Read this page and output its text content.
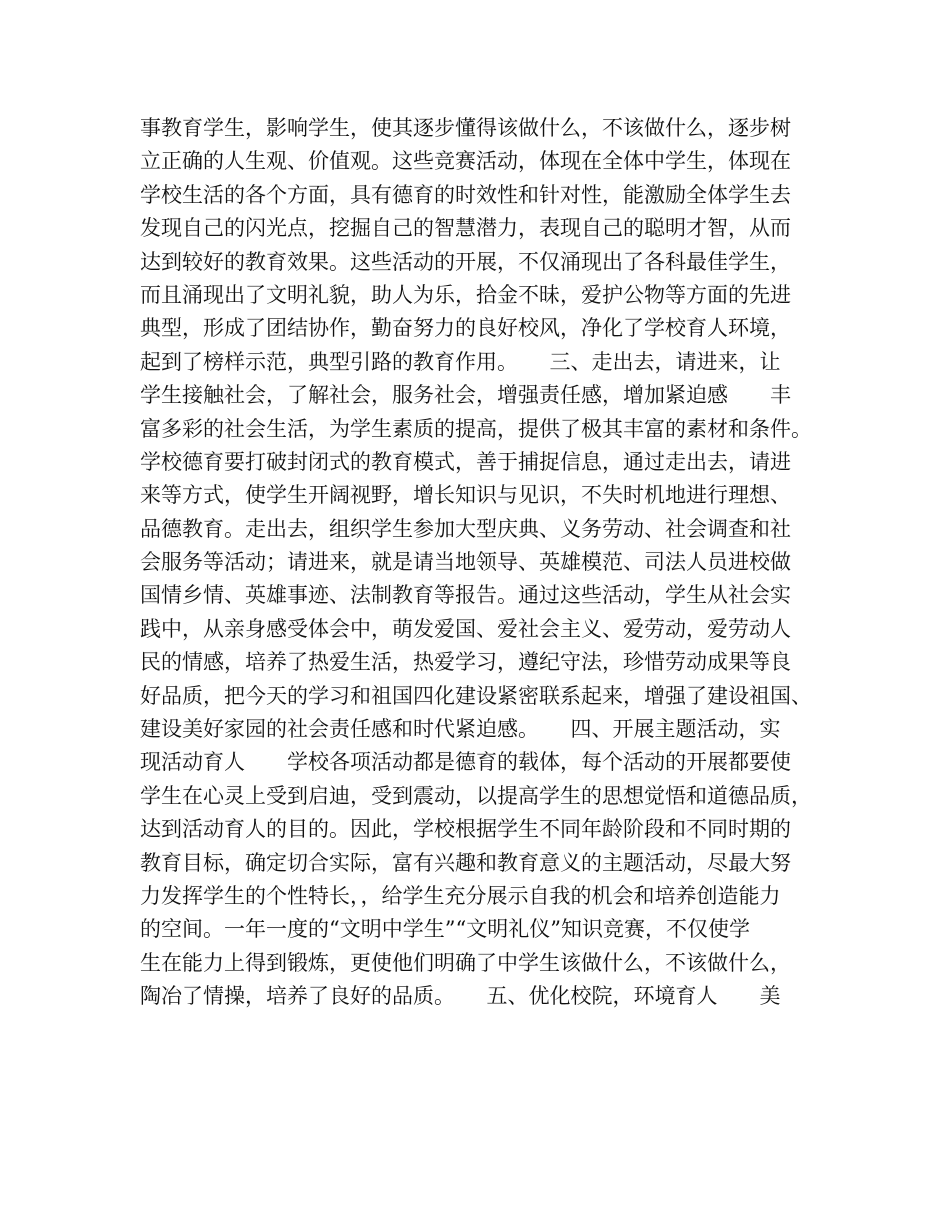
事教育学生，影响学生，使其逐步懂得该做什么，不该做什么，逐步树
立正确的人生观、价值观。这些竞赛活动，体现在全体中学生，体现在
学校生活的各个方面，具有德育的时效性和针对性，能激励全体学生去
发现自己的闪光点，挖掘自己的智慧潜力，表现自己的聪明才智，从而
达到较好的教育效果。这些活动的开展，不仅涌现出了各科最佳学生，
而且涌现出了文明礼貌，助人为乐，拾金不昧，爱护公物等方面的先进
典型，形成了团结协作，勤奋努力的良好校风，净化了学校育人环境，
起到了榜样示范，典型引路的教育作用。　　三、走出去，请进来，让
学生接触社会，了解社会，服务社会，增强责任感，增加紧迫感　　丰
富多彩的社会生活，为学生素质的提高，提供了极其丰富的素材和条件。
学校德育要打破封闭式的教育模式，善于捕捉信息，通过走出去，请进
来等方式，使学生开阔视野，增长知识与见识，不失时机地进行理想、
品德教育。走出去，组织学生参加大型庆典、义务劳动、社会调查和社
会服务等活动；请进来，就是请当地领导、英雄模范、司法人员进校做
国情乡情、英雄事迹、法制教育等报告。通过这些活动，学生从社会实
践中，从亲身感受体会中，萌发爱国、爱社会主义、爱劳动，爱劳动人
民的情感，培养了热爱生活，热爱学习，遵纪守法，珍惜劳动成果等良
好品质，把今天的学习和祖国四化建设紧密联系起来，增强了建设祖国、
建设美好家园的社会责任感和时代紧迫感。　　四、开展主题活动，实
现活动育人　　学校各项活动都是德育的载体，每个活动的开展都要使
学生在心灵上受到启迪，受到震动，以提高学生的思想觉悟和道德品质，
达到活动育人的目的。因此，学校根据学生不同年龄阶段和不同时期的
教育目标，确定切合实际，富有兴趣和教育意义的主题活动，尽最大努
力发挥学生的个性特长，，给学生充分展示自我的机会和培养创造能力
的空间。一年一度的“文明中学生”“文明礼仪”知识竞赛，不仅使学
生在能力上得到锻炼，更使他们明确了中学生该做什么，不该做什么，
陶冶了情操，培养了良好的品质。　　五、优化校院，环境育人　　美
